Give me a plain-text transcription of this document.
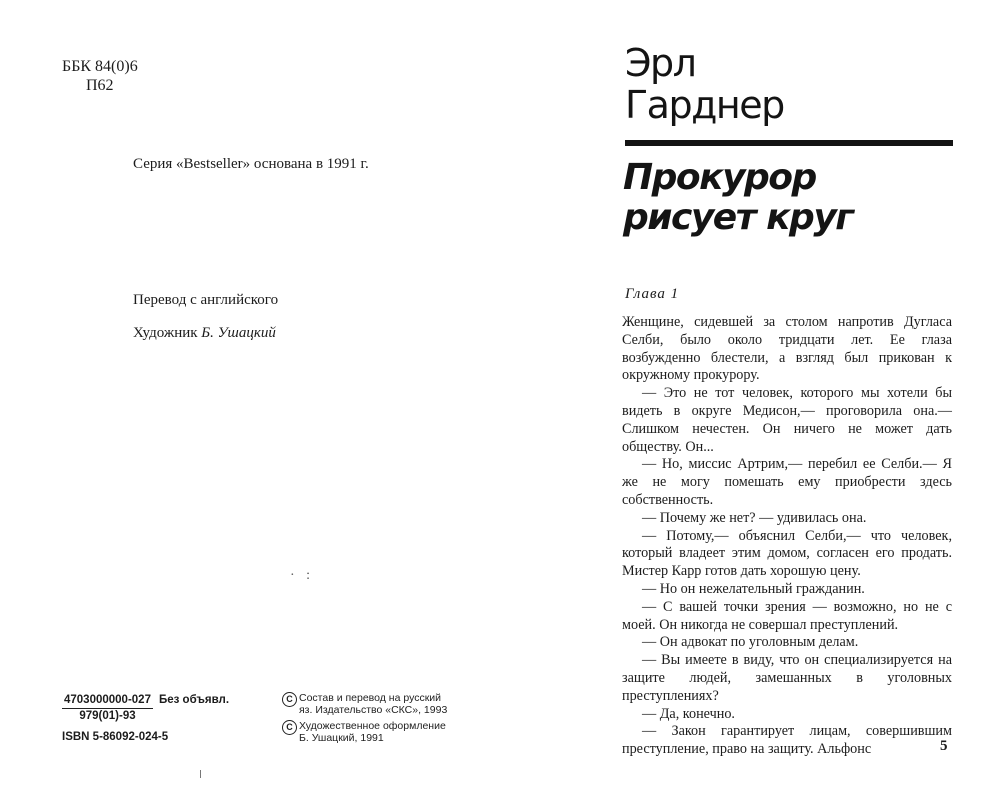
ББК 84(0)6
П62
Серия «Bestseller» основана в 1991 г.
Перевод с английского
Художник Б. Ушацкий
· :
$\frac{4703000000-027}{979(01)-93}$ Без объявл.
ISBN 5-86092-024-5
C Состав и перевод на русский
яз. Издательство «СКС», 1993
C Художественное оформление
Б. Ушацкий, 1991
Эрл
Гарднер
Прокурор
рисует круг
Глава 1

Женщине, сидевшей за столом напротив Дугласа Селби, было около тридцати лет. Ее глаза возбужденно блестели, а взгляд был прикован к окружному прокурору.

— Это не тот человек, которого мы хотели бы видеть в округе Медисон,— проговорила она.— Слишком нечестен. Он ничего не может дать обществу. Он...

— Но, миссис Артрим,— перебил ее Селби.— Я же не могу помешать ему приобрести здесь собственность.

— Почему же нет? — удивилась она.

— Потому,— объяснил Селби,— что человек, который владеет этим домом, согласен его продать. Мистер Карр готов дать хорошую цену.

— Но он нежелательный гражданин.

— С вашей точки зрения — возможно, но не с моей. Он никогда не совершал преступлений.

— Он адвокат по уголовным делам.

— Вы имеете в виду, что он специализируется на защите людей, замешанных в уголовных преступлениях?

— Да, конечно.

— Закон гарантирует лицам, совершившим преступление, право на защиту. Альфонс	5
